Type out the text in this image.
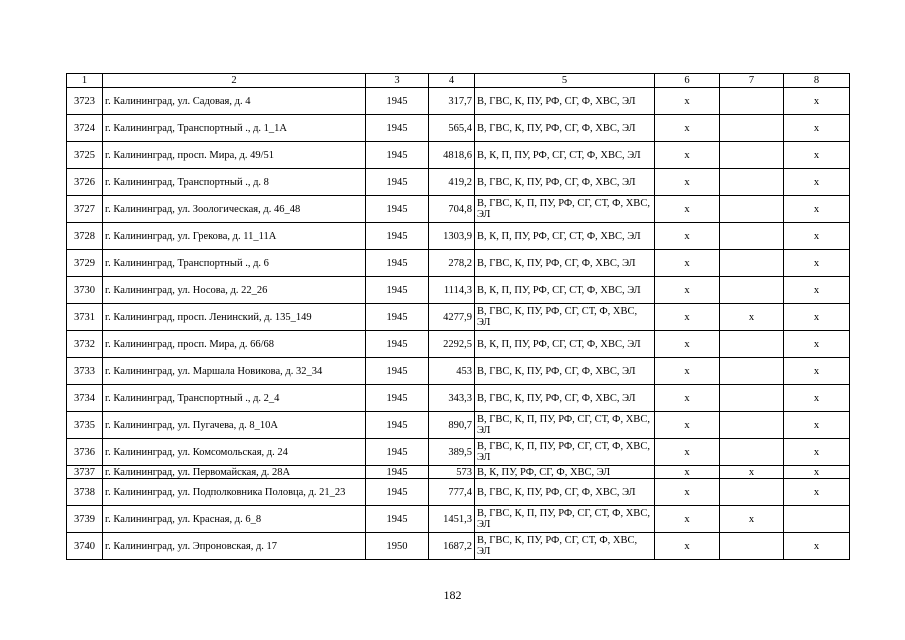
1	2	3	4	5	6	7	8
3723	г. Калининград, ул. Садовая, д. 4	1945	317,7	В, ГВС, К, ПУ, РФ, СГ, Ф, ХВС, ЭЛ	x		x
3724	г. Калининград, Транспортный ., д. 1_1А	1945	565,4	В, ГВС, К, ПУ, РФ, СГ, Ф, ХВС, ЭЛ	x		x
3725	г. Калининград, просп. Мира, д. 49/51	1945	4818,6	В, К, П, ПУ, РФ, СГ, СТ, Ф, ХВС, ЭЛ	x		x
3726	г. Калининград, Транспортный ., д. 8	1945	419,2	В, ГВС, К, ПУ, РФ, СГ, Ф, ХВС, ЭЛ	x		x
3727	г. Калининград, ул. Зоологическая, д. 46_48	1945	704,8	В, ГВС, К, П, ПУ, РФ, СГ, СТ, Ф, ХВС, ЭЛ	x		x
3728	г. Калининград, ул. Грекова, д. 11_11А	1945	1303,9	В, К, П, ПУ, РФ, СГ, СТ, Ф, ХВС, ЭЛ	x		x
3729	г. Калининград, Транспортный ., д. 6	1945	278,2	В, ГВС, К, ПУ, РФ, СГ, Ф, ХВС, ЭЛ	x		x
3730	г. Калининград, ул. Носова, д. 22_26	1945	1114,3	В, К, П, ПУ, РФ, СГ, СТ, Ф, ХВС, ЭЛ	x		x
3731	г. Калининград, просп. Ленинский, д. 135_149	1945	4277,9	В, ГВС, К, ПУ, РФ, СГ, СТ, Ф, ХВС, ЭЛ	x	x	x
3732	г. Калининград, просп. Мира, д. 66/68	1945	2292,5	В, К, П, ПУ, РФ, СГ, СТ, Ф, ХВС, ЭЛ	x		x
3733	г. Калининград, ул. Маршала Новикова, д. 32_34	1945	453	В, ГВС, К, ПУ, РФ, СГ, Ф, ХВС, ЭЛ	x		x
3734	г. Калининград, Транспортный ., д. 2_4	1945	343,3	В, ГВС, К, ПУ, РФ, СГ, Ф, ХВС, ЭЛ	x		x
3735	г. Калининград, ул. Пугачева, д. 8_10А	1945	890,7	В, ГВС, К, П, ПУ, РФ, СГ, СТ, Ф, ХВС, ЭЛ	x		x
3736	г. Калининград, ул. Комсомольская, д. 24	1945	389,5	В, ГВС, К, П, ПУ, РФ, СГ, СТ, Ф, ХВС, ЭЛ	x		x
3737	г. Калининград, ул. Первомайская, д. 28А	1945	573	В, К, ПУ, РФ, СГ, Ф, ХВС, ЭЛ	x	x	x
3738	г. Калининград, ул. Подполковника Половца, д. 21_23	1945	777,4	В, ГВС, К, ПУ, РФ, СГ, Ф, ХВС, ЭЛ	x		x
3739	г. Калининград, ул. Красная, д. 6_8	1945	1451,3	В, ГВС, К, П, ПУ, РФ, СГ, СТ, Ф, ХВС, ЭЛ	x	x	
3740	г. Калининград, ул. Эпроновская, д. 17	1950	1687,2	В, ГВС, К, ПУ, РФ, СГ, СТ, Ф, ХВС, ЭЛ	x		x
182
